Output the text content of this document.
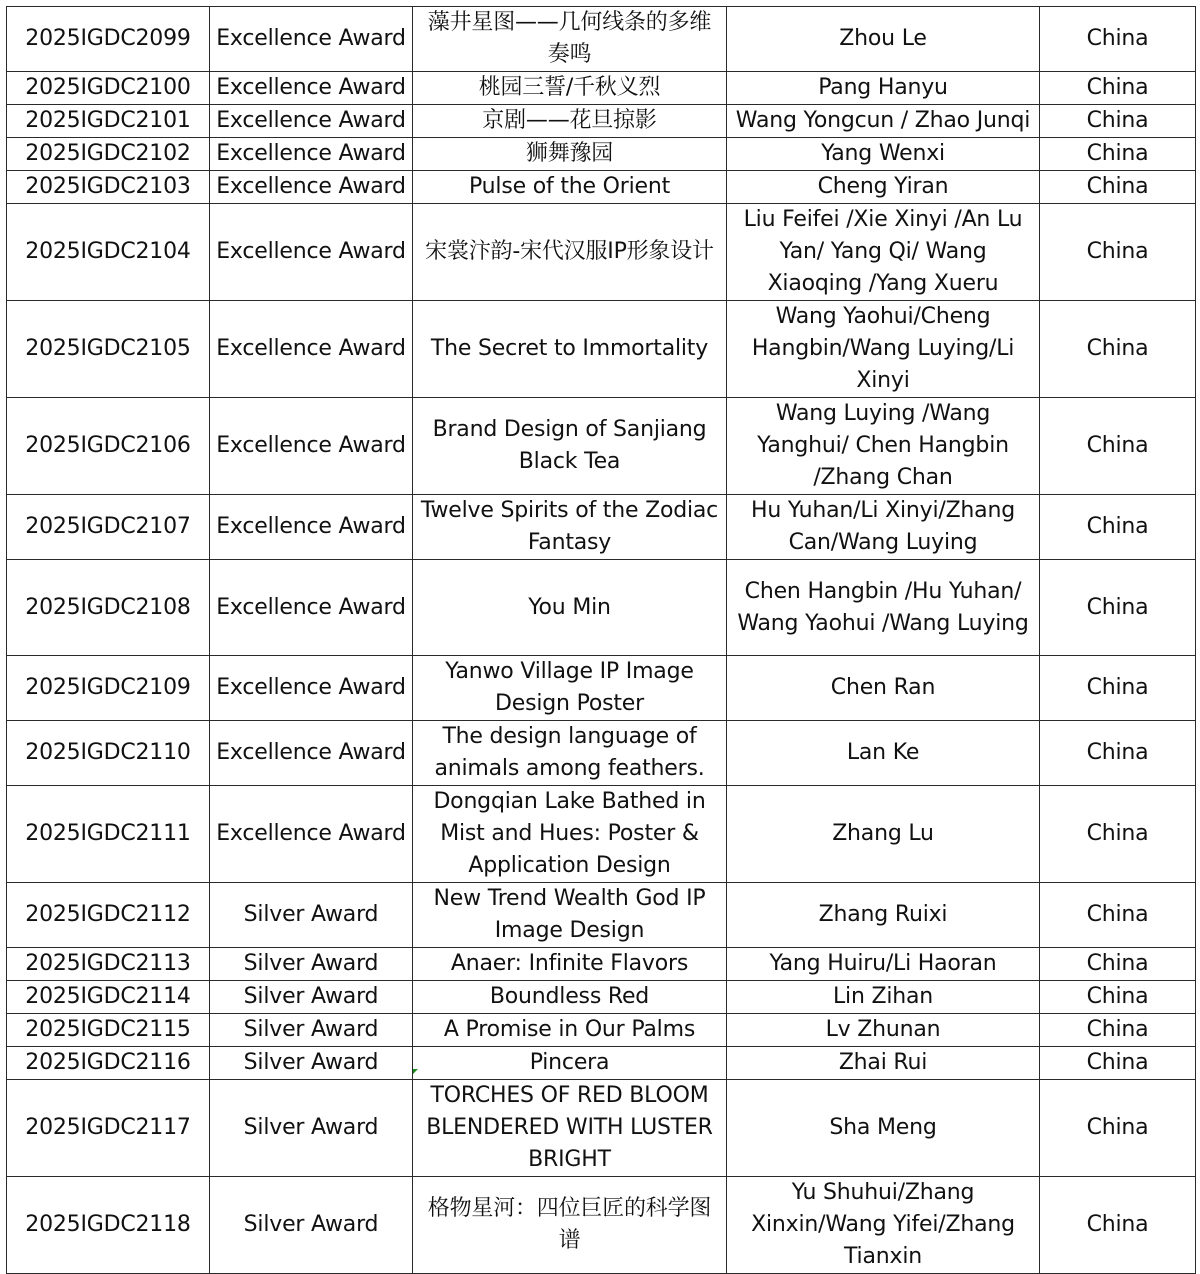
2025IGDC2099	Excellence Award	藻井星图——几何线条的多维奏鸣	Zhou Le	China
2025IGDC2100	Excellence Award	桃园三誓/千秋义烈	Pang Hanyu	China
2025IGDC2101	Excellence Award	京剧——花旦掠影	Wang Yongcun / Zhao Junqi	China
2025IGDC2102	Excellence Award	狮舞豫园	Yang Wenxi	China
2025IGDC2103	Excellence Award	Pulse of the Orient	Cheng Yiran	China
2025IGDC2104	Excellence Award	宋裳汴韵-宋代汉服IP形象设计	Liu Feifei /Xie Xinyi /An Lu Yan/ Yang Qi/ Wang Xiaoqing /Yang Xueru	China
2025IGDC2105	Excellence Award	The Secret to Immortality	Wang Yaohui/Cheng Hangbin/Wang Luying/Li Xinyi	China
2025IGDC2106	Excellence Award	Brand Design of Sanjiang Black Tea	Wang Luying /Wang Yanghui/ Chen Hangbin /Zhang Chan	China
2025IGDC2107	Excellence Award	Twelve Spirits of the Zodiac Fantasy	Hu Yuhan/Li Xinyi/Zhang Can/Wang Luying	China
2025IGDC2108	Excellence Award	You Min	Chen Hangbin /Hu Yuhan/ Wang Yaohui /Wang Luying	China
2025IGDC2109	Excellence Award	Yanwo Village IP Image Design Poster	Chen Ran	China
2025IGDC2110	Excellence Award	The design language of animals among feathers.	Lan Ke	China
2025IGDC2111	Excellence Award	Dongqian Lake Bathed in Mist and Hues: Poster & Application Design	Zhang Lu	China
2025IGDC2112	Silver Award	New Trend Wealth God IP Image Design	Zhang Ruixi	China
2025IGDC2113	Silver Award	Anaer: Infinite Flavors	Yang Huiru/Li Haoran	China
2025IGDC2114	Silver Award	Boundless Red	Lin Zihan	China
2025IGDC2115	Silver Award	A Promise in Our Palms	Lv Zhunan	China
2025IGDC2116	Silver Award	Pincera	Zhai Rui	China
2025IGDC2117	Silver Award	TORCHES OF RED BLOOM BLENDERED WITH LUSTER BRIGHT	Sha Meng	China
2025IGDC2118	Silver Award	格物星河：四位巨匠的科学图谱	Yu Shuhui/Zhang Xinxin/Wang Yifei/Zhang Tianxin	China
